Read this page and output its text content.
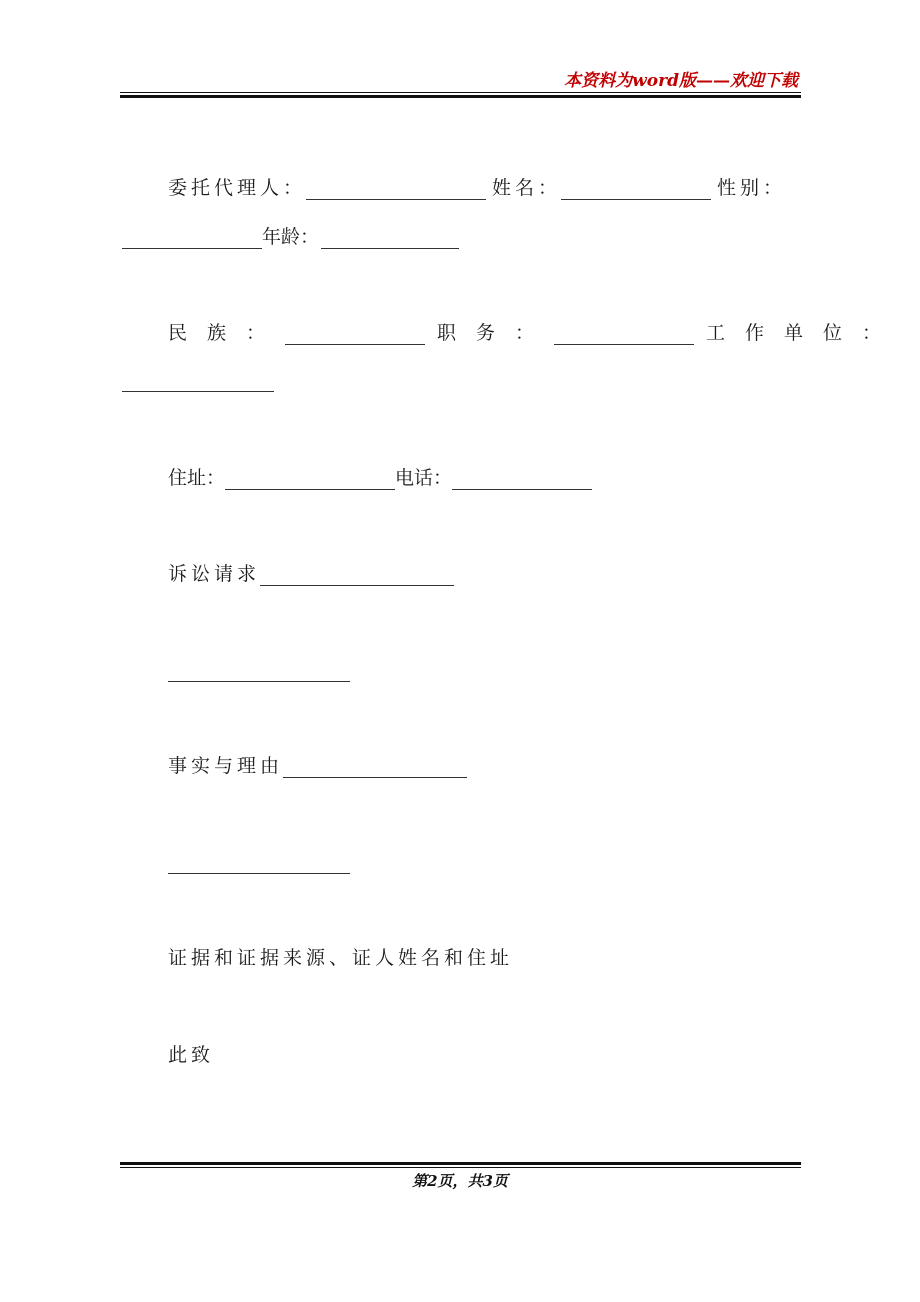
本资料为word版——欢迎下载
委托代理人：	姓名：	性别：
年龄：
民族：	职务：	工作单位：
住址：	电话：
诉讼请求
事实与理由
证据和证据来源、证人姓名和住址
此致
第2页，共3页
